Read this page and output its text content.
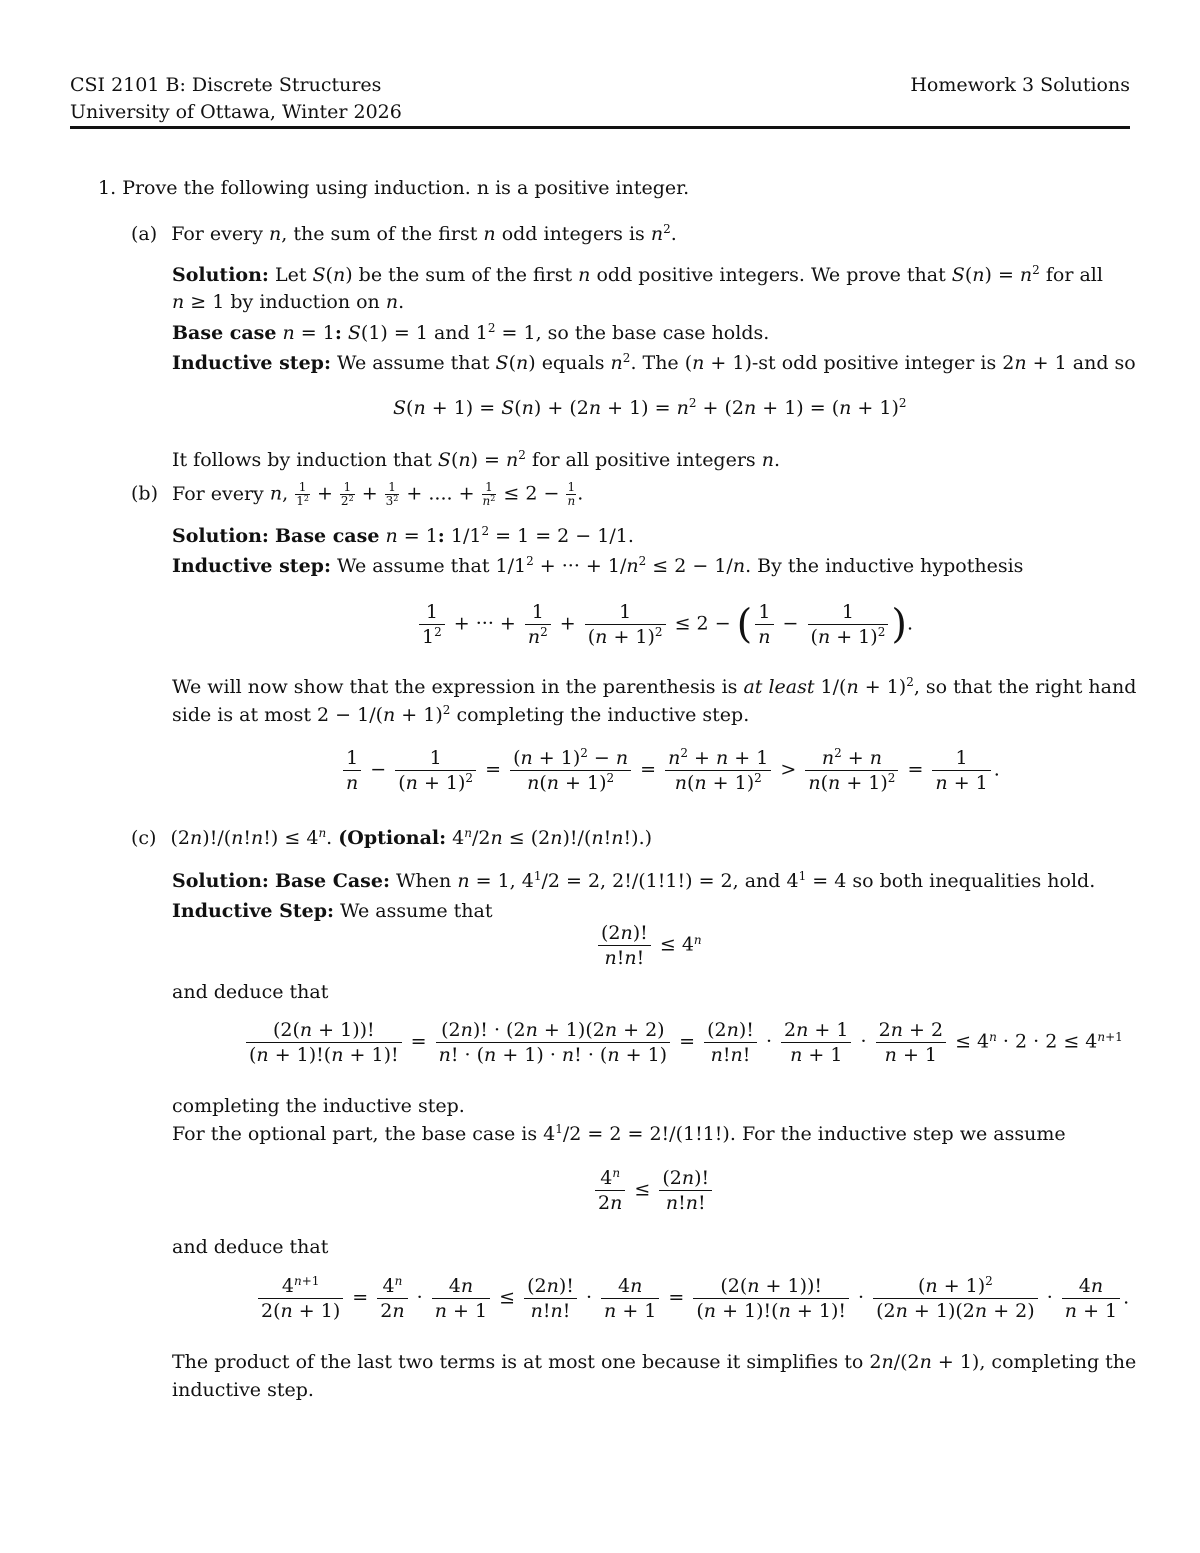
CSI 2101 B: Discrete Structures
University of Ottawa, Winter 2026
Homework 3 Solutions
1. Prove the following using induction. n is a positive integer.
(a) For every n, the sum of the first n odd integers is $n^2$.
Solution: Let S(n) be the sum of the first n odd positive integers. We prove that $S(n) = n^2$ for all
n ≥ 1 by induction on n.
Base case n = 1: S(1) = 1 and $1^2 = 1$, so the base case holds.
Inductive step: We assume that S(n) equals $n^2$. The (n + 1)-st odd positive integer is 2n + 1 and so
$S(n + 1) = S(n) + (2n + 1) = n^2 + (2n + 1) = (n + 1)^2$
It follows by induction that $S(n) = n^2$ for all positive integers n.
(b) For every n, $\frac{1}{1^2} + \frac{1}{2^2} + \frac{1}{3^2}$ + .... + $\frac{1}{n^2} \le 2 - \frac{1}{n}$ .
Solution: Base case n = 1: $1/1^2 = 1 = 2 - 1/1$.
Inductive step: We assume that $1/1^2$ + ··· + $1/n^2 \le 2 - 1/n$. By the inductive hypothesis
$\frac{1}{1^2}$ + ··· + $\frac{1}{n^2} + \frac{1}{(n + 1)^2} \le 2$ − ( $\frac{1}{n} - \frac{1}{(n + 1)^2}$ ).
We will now show that the expression in the parenthesis is at least $1/(n + 1)^2$, so that the right hand
side is at most $2 - 1/(n + 1)^2$ completing the inductive step.
$\frac{1}{n} - \frac{1}{(n + 1)^2} = \frac{(n + 1)^2 - n}{n(n + 1)^2} = \frac{n^2 + n + 1}{n(n + 1)^2} > \frac{n^2 + n}{n(n + 1)^2} = \frac{1}{n + 1}$ .
(c) $(2n)!/(n!n!) \le 4^n$. (Optional: $4^n/2n \le (2n)!/(n!n!)$.)
Solution: Base Case: When n = 1, $4^1/2 = 2$, 2!/(1!1!) = 2, and $4^1 = 4$ so both inequalities hold.
Inductive Step: We assume that
$\frac{(2n)!}{n!n!} \le 4^n$
and deduce that
$\frac{(2(n + 1))!}{(n + 1)!(n + 1)!} = \frac{(2n)! \cdot (2n + 1)(2n + 2)}{n! \cdot (n + 1) \cdot n! \cdot (n + 1)} = \frac{(2n)!}{n!n!} \cdot \frac{2n + 1}{n + 1} \cdot \frac{2n + 2}{n + 1} \le 4^n \cdot 2 \cdot 2 \le 4^{n+1}$
completing the inductive step.
For the optional part, the base case is $4^1/2 = 2 = 2!/(1!1!)$. For the inductive step we assume
$\frac{4^n}{2n} \le \frac{(2n)!}{n!n!}$
and deduce that
$\frac{4^{n+1}}{2(n + 1)} = \frac{4^n}{2n} \cdot \frac{4n}{n + 1} \le \frac{(2n)!}{n!n!} \cdot \frac{4n}{n + 1} = \frac{(2(n + 1))!}{(n + 1)!(n + 1)!} \cdot \frac{(n + 1)^2}{(2n + 1)(2n + 2)} \cdot \frac{4n}{n + 1}$ .
The product of the last two terms is at most one because it simplifies to 2n/(2n + 1), completing the
inductive step.
